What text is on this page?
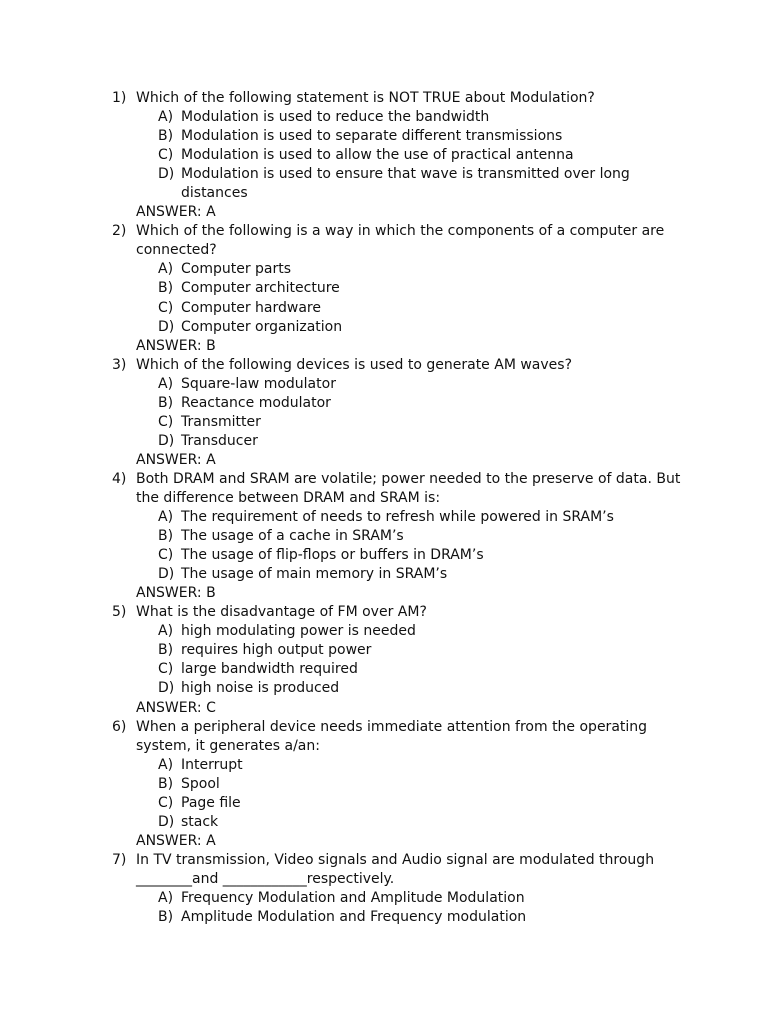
1) Which of the following statement is NOT TRUE about Modulation?
A) Modulation is used to reduce the bandwidth
B) Modulation is used to separate different transmissions
C) Modulation is used to allow the use of practical antenna
D) Modulation is used to ensure that wave is transmitted over long
distances
ANSWER: A
2) Which of the following is a way in which the components of a computer are
connected?
A) Computer parts
B) Computer architecture
C) Computer hardware
D) Computer organization
ANSWER: B
3) Which of the following devices is used to generate AM waves?
A) Square-law modulator
B) Reactance modulator
C) Transmitter
D) Transducer
ANSWER: A
4) Both DRAM and SRAM are volatile; power needed to the preserve of data. But
the difference between DRAM and SRAM is:
A) The requirement of needs to refresh while powered in SRAM’s
B) The usage of a cache in SRAM’s
C) The usage of flip-flops or buffers in DRAM’s
D) The usage of main memory in SRAM’s
ANSWER: B
5) What is the disadvantage of FM over AM?
A) high modulating power is needed
B) requires high output power
C) large bandwidth required
D) high noise is produced
ANSWER: C
6) When a peripheral device needs immediate attention from the operating
system, it generates a/an:
A) Interrupt
B) Spool
C) Page file
D) stack
ANSWER: A
7) In TV transmission, Video signals and Audio signal are modulated through
________and ____________respectively.
A) Frequency Modulation and Amplitude Modulation
B) Amplitude Modulation and Frequency modulation
